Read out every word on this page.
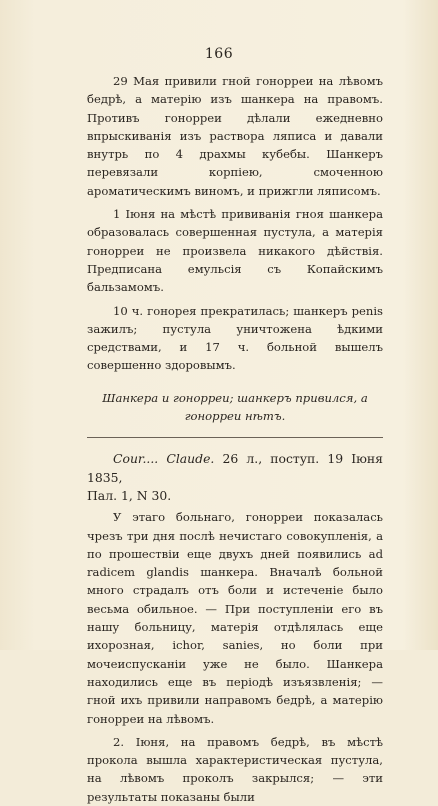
166

29 Мая привили гной гонорреи на лѣвомъ бедрѣ, а матерію изъ шанкера на правомъ. Противъ гонорреи дѣлали ежедневно впрыскиванія изъ раствора ляписа и давали внутрь по 4 драхмы кубебы. Шанкеръ перевязали корпіею, смоченною ароматическимъ виномъ, и прижгли ляписомъ.

1 Іюня на мѣстѣ прививанія гноя шанкера образовалась совершенная пустула, а матерія гонорреи не произвела никакого дѣйствія. Предписана емульсія съ Копайскимъ бальзамомъ.

10 ч. гонорея прекратилась; шанкеръ penis зажилъ; пустула уничтожена ѣдкими средствами, и 17 ч. больной вышелъ совершенно здоровымъ.

Шанкера и гонорреи; шанкеръ привился, а гонорреи нѣтъ.

Cour.... Claude. 26 л., поступ. 19 Іюня 1835,

Пал. 1, N 30.

У этаго больнаго, гонорреи показалась чрезъ три дня послѣ нечистаго совокупленія, а по прошествіи еще двухъ дней появились ad radicem glandis шанкера. Вначалѣ больной много страдалъ отъ боли и истеченіе было весьма обильное. — При поступленіи его въ нашу больницу, матерія отдѣлялась еще ихорозная, ichor, sanies, но боли при мочеиспусканіи уже не было. Шанкера находились еще въ періодѣ изъязвленія; — гной ихъ привили направомъ бедрѣ, а матерію гонорреи на лѣвомъ.

2. Іюня, на правомъ бедрѣ, въ мѣстѣ прокола вышла характеристическая пустула, на лѣвомъ проколъ закрылся; — эти результаты показаны были
